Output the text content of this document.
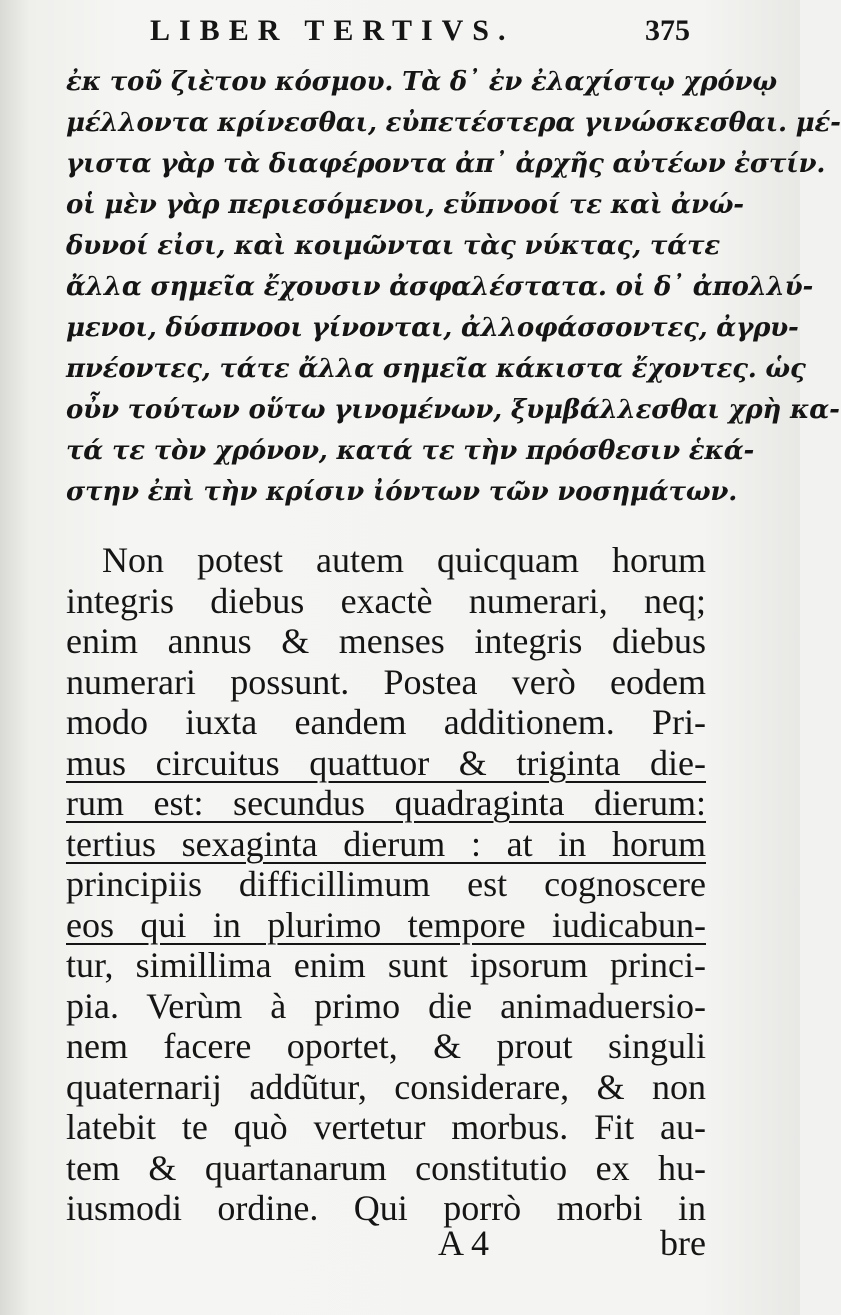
LIBER TERTIVS.	375
ἐκ τοῦ ζιὲτου κόσμου. Τὰ δ᾽ ἐν ἐλαχίστῳ χρόνῳ
μέλλοντα κρίνεσθαι, εὐπετέστερα γινώσκεσθαι. μέ-
γιστα γὰρ τὰ διαφέροντα ἀπ᾽ ἀρχῆς αὐτέων ἐστίν.
οἱ μὲν γὰρ περιεσόμενοι, εὔπνοοί τε καὶ ἀνώ-
δυνοί εἰσι, καὶ κοιμῶνται τὰς νύκτας, τάτε
ἄλλα σημεῖα ἔχουσιν ἀσφαλέστατα. οἱ δ᾽ ἀπολλύ-
μενοι, δύσπνοοι γίνονται, ἀλλοφάσσοντες, ἀγρυ-
πνέοντες, τάτε ἄλλα σημεῖα κάκιστα ἔχοντες. ὡς
οὖν τούτων οὕτω γινομένων, ξυμβάλλεσθαι χρὴ κα-
τά τε τὸν χρόνον, κατά τε τὴν πρόσθεσιν ἑκά-
στην ἐπὶ τὴν κρίσιν ἰόντων τῶν νοσημάτων.
Non potest autem quicquam horum
integris diebus exactè numerari, neq;
enim annus & menses integris diebus
numerari possunt. Postea verò eodem
modo iuxta eandem additionem. Pri-
mus circuitus quattuor & triginta die-
rum est: secundus quadraginta dierum:
tertius sexaginta dierum : at in horum
principiis difficillimum est cognoscere
eos qui in plurimo tempore iudicabun-
tur, simillima enim sunt ipsorum princi-
pia. Verùm à primo die animaduersio-
nem facere oportet, & prout singuli
quaternarij addũtur, considerare, & non
latebit te quò vertetur morbus. Fit au-
tem & quartanarum constitutio ex hu-
iusmodi ordine. Qui porrò morbi in
A 4	bre
